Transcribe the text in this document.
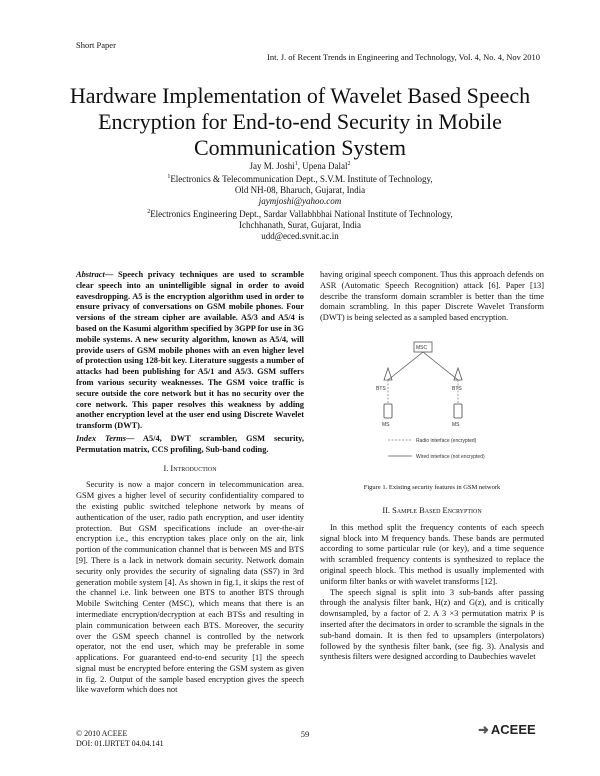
Short Paper
Int. J. of Recent Trends in Engineering and Technology, Vol. 4, No. 4, Nov 2010
Hardware Implementation of Wavelet Based Speech Encryption for End-to-end Security in Mobile Communication System
Jay M. Joshi$^1$, Upena Dalal$^2$
$^1$Electronics & Telecommunication Dept., S.V.M. Institute of Technology,
Old NH-08, Bharuch, Gujarat, India
jaymjoshi@yahoo.com
$^2$Electronics Engineering Dept., Sardar Vallabhbhai National Institute of Technology,
Ichchhanath, Surat, Gujarat, India
udd@eced.svnit.ac.in
Abstract— Speech privacy techniques are used to scramble clear speech into an unintelligible signal in order to avoid eavesdropping. A5 is the encryption algorithm used in order to ensure privacy of conversations on GSM mobile phones. Four versions of the stream cipher are available. A5/3 and A5/4 is based on the Kasumi algorithm specified by 3GPP for use in 3G mobile systems. A new security algorithm, known as A5/4, will provide users of GSM mobile phones with an even higher level of protection using 128-bit key. Literature suggests a number of attacks had been publishing for A5/1 and A5/3. GSM suffers from various security weaknesses. The GSM voice traffic is secure outside the core network but it has no security over the core network. This paper resolves this weakness by adding another encryption level at the user end using Discrete Wavelet transform (DWT).
Index Terms— A5/4, DWT scrambler, GSM security, Permutation matrix, CCS profiling, Sub-band coding.
I. Introduction

Security is now a major concern in telecommunication area. GSM gives a higher level of security confidentiality compared to the existing public switched telephone network by means of authentication of the user, radio path encryption, and user identity protection. But GSM specifications include an over-the-air encryption i.e., this encryption takes place only on the air, link portion of the communication channel that is between MS and BTS [9]. There is a lack in network domain security. Network domain security only provides the security of signaling data (SS7) in 3rd generation mobile system [4]. As shown in fig.1, it skips the rest of the channel i.e. link between one BTS to another BTS through Mobile Switching Center (MSC), which means that there is an intermediate encryption/decryption at each BTSs and resulting in plain communication between each BTS. Moreover, the security over the GSM speech channel is controlled by the network operator, not the end user, which may be preferable in some applications. For guaranteed end-to-end security [1] the speech signal must be encrypted before entering the GSM system as given in fig. 2. Output of the sample based encryption gives the speech like waveform which does not

having original speech component. Thus this approach defends on ASR (Automatic Speech Recognition) attack [6]. Paper [13] describe the transform domain scrambler is better than the time domain scrambling. In this paper Discrete Wavelet Transform (DWT) is being selected as a sampled based encryption.

MSC
BTS	BTS
MS	MS
Radio interface (encrypted)
Wired interface (not encrypted)
Figure 1. Existing security features in GSM network
II. Sample Based Encryption

In this method split the frequency contents of each speech signal block into M frequency bands. These bands are permuted according to some particular rule (or key), and a time sequence with scrambled frequency contents is synthesized to replace the original speech block. This method is usually implemented with uniform filter banks or with wavelet transforms [12].

The speech signal is split into 3 sub-bands after passing through the analysis filter bank, H(z) and G(z), and is critically downsampled, by a factor of 2. A 3 ×3 permutation matrix P is inserted after the decimators in order to scramble the signals in the sub-band domain. It is then fed to upsamplers (interpolators) followed by the synthesis filter bank, (see fig. 3). Analysis and synthesis filters were designed according to Daubechies wavelet

© 2010 ACEEE
DOI: 01.IJRTET 04.04.141
59	➜ ACEEE
